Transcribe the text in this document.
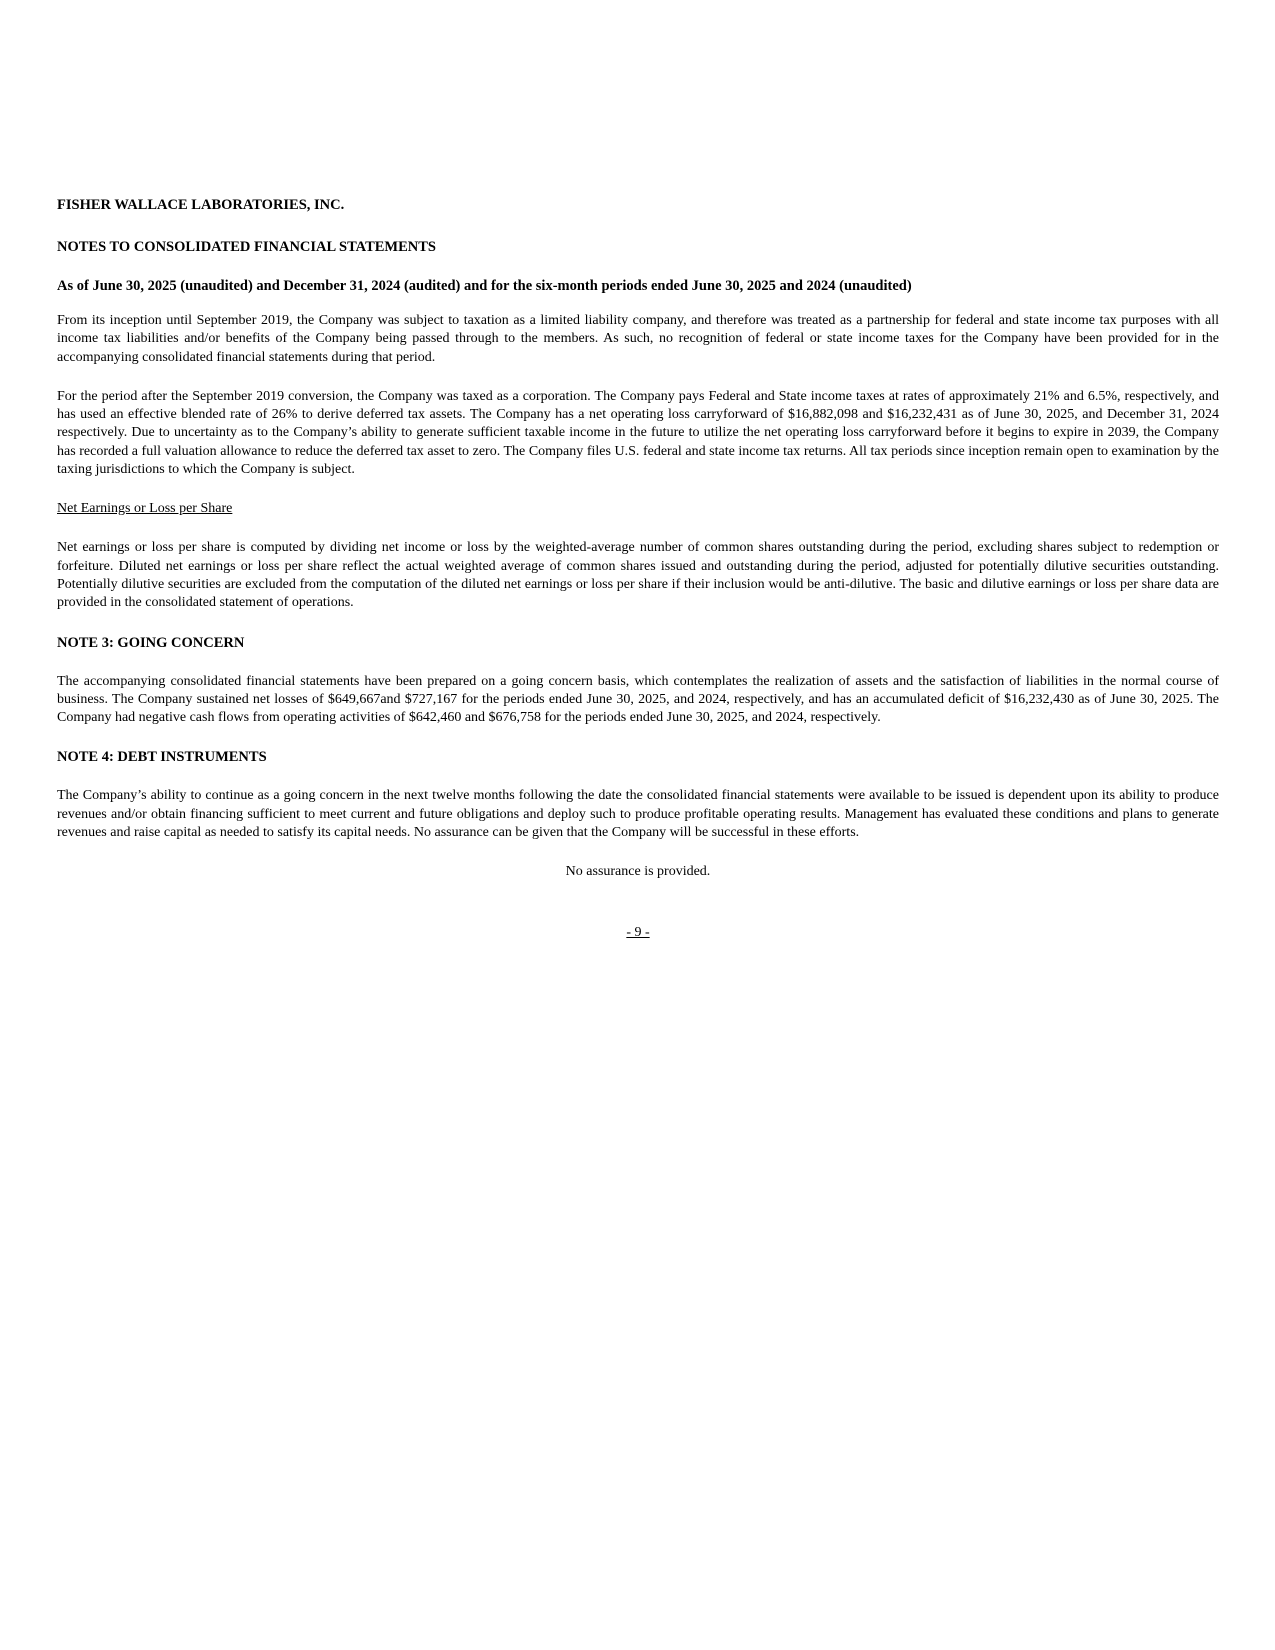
FISHER WALLACE LABORATORIES, INC.

NOTES TO CONSOLIDATED FINANCIAL STATEMENTS

As of June 30, 2025 (unaudited) and December 31, 2024 (audited) and for the six-month periods ended June 30, 2025 and 2024 (unaudited)

From its inception until September 2019, the Company was subject to taxation as a limited liability company, and therefore was treated as a partnership for federal and state income tax purposes with all income tax liabilities and/or benefits of the Company being passed through to the members. As such, no recognition of federal or state income taxes for the Company have been provided for in the accompanying consolidated financial statements during that period.

For the period after the September 2019 conversion, the Company was taxed as a corporation. The Company pays Federal and State income taxes at rates of approximately 21% and 6.5%, respectively, and has used an effective blended rate of 26% to derive deferred tax assets. The Company has a net operating loss carryforward of $16,882,098 and $16,232,431 as of June 30, 2025, and December 31, 2024 respectively. Due to uncertainty as to the Company’s ability to generate sufficient taxable income in the future to utilize the net operating loss carryforward before it begins to expire in 2039, the Company has recorded a full valuation allowance to reduce the deferred tax asset to zero. The Company files U.S. federal and state income tax returns. All tax periods since inception remain open to examination by the taxing jurisdictions to which the Company is subject.

Net Earnings or Loss per Share

Net earnings or loss per share is computed by dividing net income or loss by the weighted-average number of common shares outstanding during the period, excluding shares subject to redemption or forfeiture. Diluted net earnings or loss per share reflect the actual weighted average of common shares issued and outstanding during the period, adjusted for potentially dilutive securities outstanding. Potentially dilutive securities are excluded from the computation of the diluted net earnings or loss per share if their inclusion would be anti-dilutive. The basic and dilutive earnings or loss per share data are provided in the consolidated statement of operations.

NOTE 3: GOING CONCERN

The accompanying consolidated financial statements have been prepared on a going concern basis, which contemplates the realization of assets and the satisfaction of liabilities in the normal course of business. The Company sustained net losses of $649,667and $727,167 for the periods ended June 30, 2025, and 2024, respectively, and has an accumulated deficit of $16,232,430 as of June 30, 2025. The Company had negative cash flows from operating activities of $642,460 and $676,758 for the periods ended June 30, 2025, and 2024, respectively.

NOTE 4: DEBT INSTRUMENTS

The Company’s ability to continue as a going concern in the next twelve months following the date the consolidated financial statements were available to be issued is dependent upon its ability to produce revenues and/or obtain financing sufficient to meet current and future obligations and deploy such to produce profitable operating results. Management has evaluated these conditions and plans to generate revenues and raise capital as needed to satisfy its capital needs. No assurance can be given that the Company will be successful in these efforts.

No assurance is provided.

- 9 -
